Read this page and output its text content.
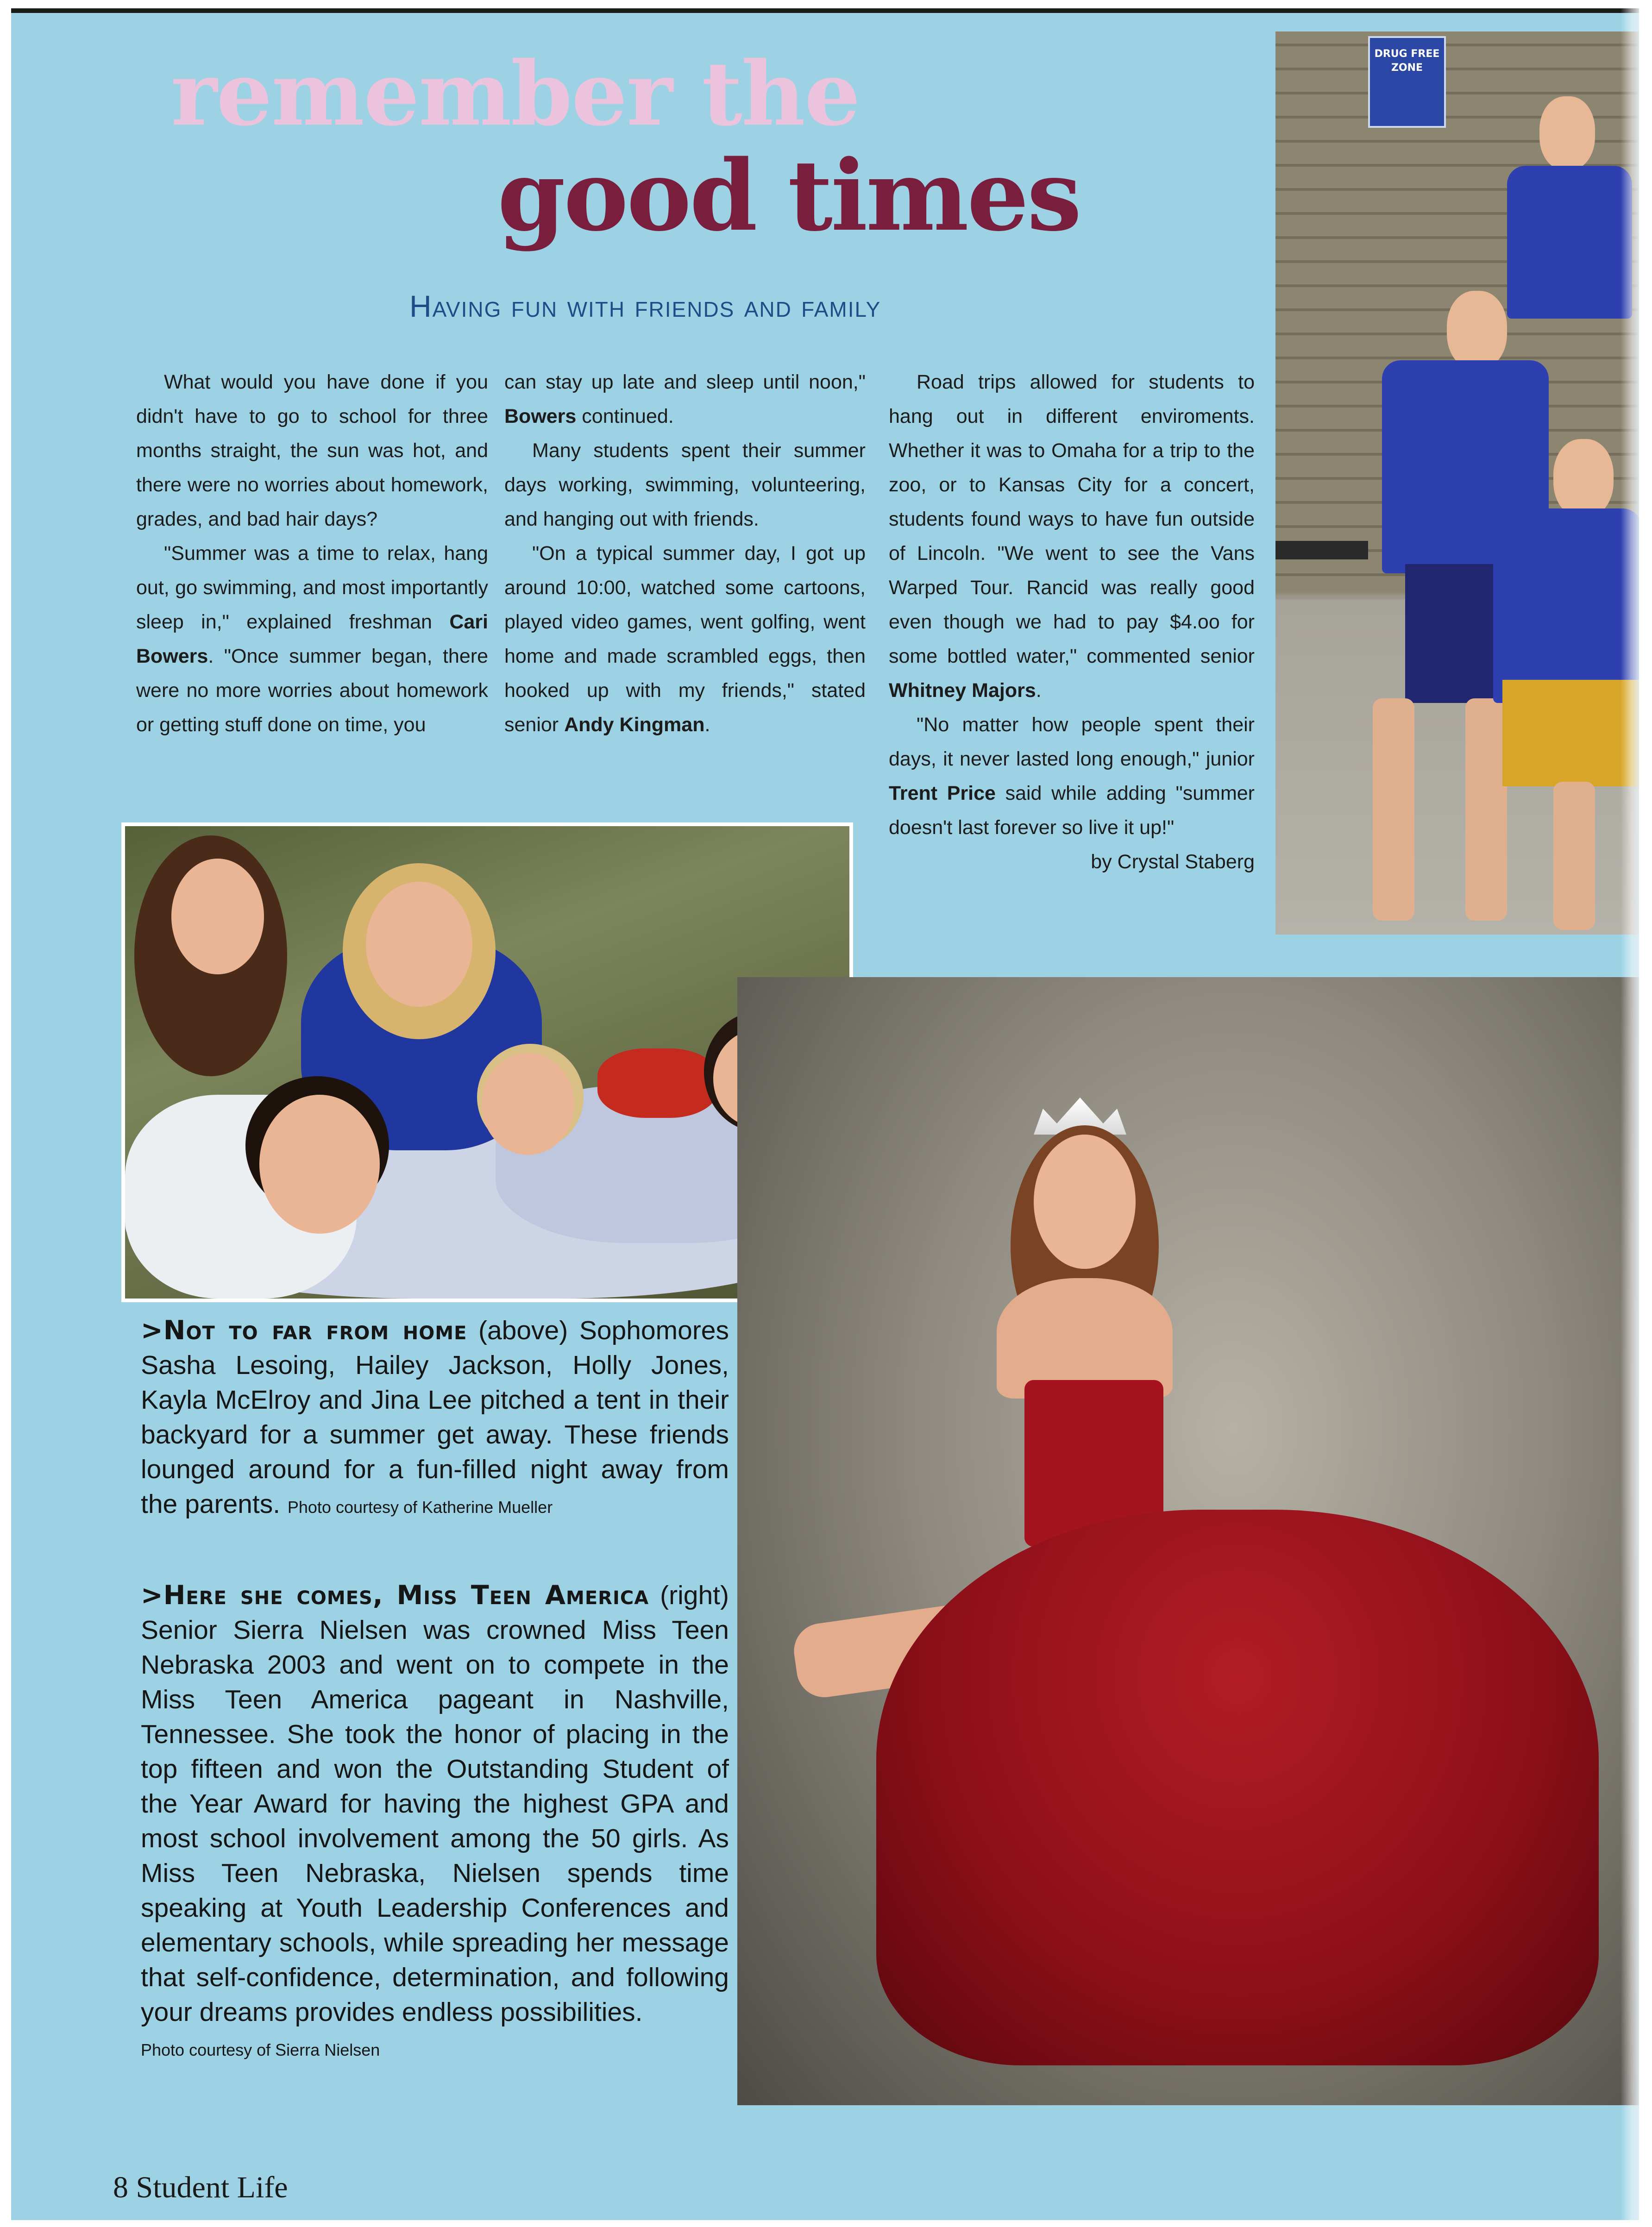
remember the
good times
Having fun with friends and family

What would you have done if you didn't have to go to school for three months straight, the sun was hot, and there were no worries about homework, grades, and bad hair days?

"Summer was a time to relax, hang out, go swimming, and most importantly sleep in," explained freshman Cari Bowers. "Once summer began, there were no more worries about homework or getting stuff done on time, you

can stay up late and sleep until noon," Bowers continued.

Many students spent their summer days working, swimming, volunteering, and hanging out with friends.

"On a typical summer day, I got up around 10:00, watched some cartoons, played video games, went golfing, went home and made scrambled eggs, then hooked up with my friends," stated senior Andy Kingman.

Road trips allowed for students to hang out in different enviroments. Whether it was to Omaha for a trip to the zoo, or to Kansas City for a concert, students found ways to have fun outside of Lincoln. "We went to see the Vans Warped Tour. Rancid was really good even though we had to pay $4.oo for some bottled water," commented senior Whitney Majors.

"No matter how people spent their days, it never lasted long enough," junior Trent Price said while adding "summer doesn't last forever so live it up!"

by Crystal Staberg

DRUG FREE ZONE
>Not to far from home (above) Sophomores Sasha Lesoing, Hailey Jackson, Holly Jones, Kayla McElroy and Jina Lee pitched a tent in their backyard for a summer get away. These friends lounged around for a fun-filled night away from the parents. Photo courtesy of Katherine Mueller
>Here she comes, Miss Teen America (right) Senior Sierra Nielsen was crowned Miss Teen Nebraska 2003 and went on to compete in the Miss Teen America pageant in Nashville, Tennessee. She took the honor of placing in the top fifteen and won the Outstanding Student of the Year Award for having the highest GPA and most school involvement among the 50 girls. As Miss Teen Nebraska, Nielsen spends time speaking at Youth Leadership Conferences and elementary schools, while spreading her message that self-confidence, determination, and following your dreams provides endless possibilities.
Photo courtesy of Sierra Nielsen
8 Student Life
